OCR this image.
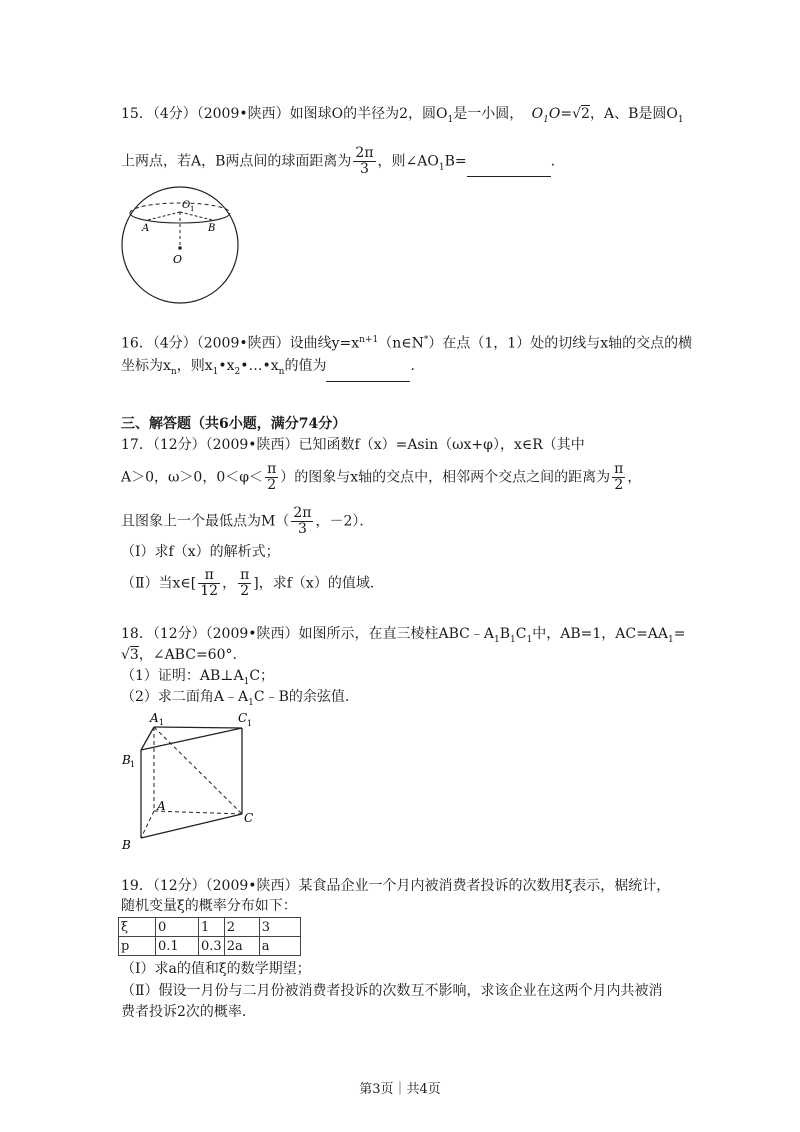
15．（4分）（2009•陕西）如图球O的半径为2，圆$O_1$是一小圆， $O_1O=√2$，A、B是圆$O_1$
上两点，若A，B两点间的球面距离为 $\frac{2\pi}{3}$ ，则$\angle AO_1B=$	.
O 1
A	B
O
16．（4分）（2009•陕西）设曲线$y=x^{n+1}(n\in N^*)$在点（1，1）处的切线与x轴的交点的横
坐标为$x_n$，则$x_1•x_2•\dots•x_n$的值为	.
三、解答题（共6小题，满分74分）
17．（12分）（2009•陕西）已知函数f（x）=Asin（ωx+φ），x∈R（其中
A＞0，ω＞0，$0<\varphi< \frac{\pi}{2}$ ）的图象与x轴的交点中，相邻两个交点之间的距离为 $\frac{\pi}{2}$ ，
且图象上一个最低点为$M( \frac{2\pi}{3}$ ，－2）．
（Ⅰ）求f（x）的解析式；
（Ⅱ）当x∈[ $\frac{\pi}{12}$ ， $\frac{\pi}{2}$ ]，求f（x）的值域.
18．（12分）（2009•陕西）如图所示，在直三棱柱$ABC﹣A_1B_1C_1$中，AB=1，$AC=AA_1=$
√3，∠ABC=60°.
（1）证明：$AB\perp A_1C$；
（2）求二面角$A﹣A_1C﹣B$的余弦值.
A 1	C 1
B 1
A
C
B
19．（12分）（2009•陕西）某食品企业一个月内被消费者投诉的次数用ξ表示，椐统计，
随机变量ξ的概率分布如下：
ξ	0	1	2	3
p	0.1	0.3	2a	a
（Ⅰ）求a的值和ξ的数学期望；
（Ⅱ）假设一月份与二月份被消费者投诉的次数互不影响，求该企业在这两个月内共被消
费者投诉2次的概率.
第3页｜共4页
